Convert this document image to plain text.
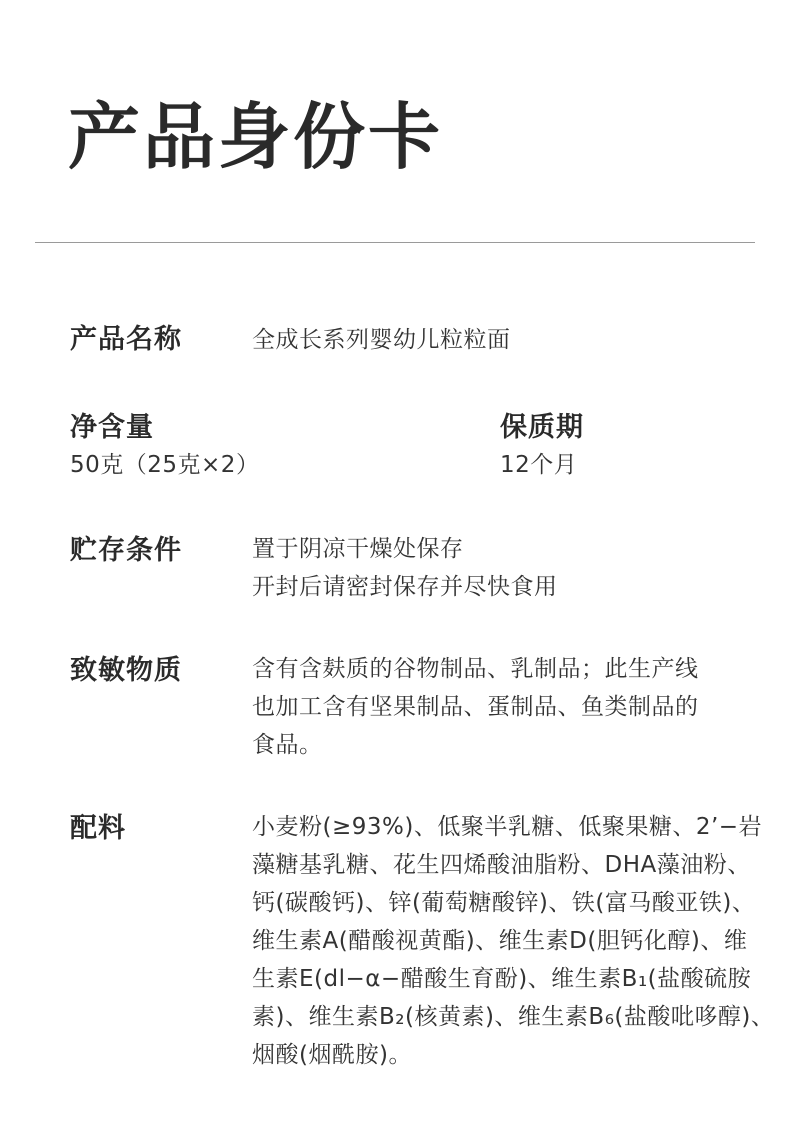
产品身份卡
产品名称	全成长系列婴幼儿粒粒面
净含量
50克（25克×2）
保质期
12个月
贮存条件	置于阴凉干燥处保存
开封后请密封保存并尽快食用
致敏物质	含有含麸质的谷物制品、乳制品；此生产线
也加工含有坚果制品、蛋制品、鱼类制品的
食品。
配料	小麦粉(≥93%)、低聚半乳糖、低聚果糖、2’−岩
藻糖基乳糖、花生四烯酸油脂粉、DHA藻油粉、
钙(碳酸钙)、锌(葡萄糖酸锌)、铁(富马酸亚铁)、
维生素A(醋酸视黄酯)、维生素D(胆钙化醇)、维
生素E(dl−α−醋酸生育酚)、维生素B₁(盐酸硫胺
素)、维生素B₂(核黄素)、维生素B₆(盐酸吡哆醇)、
烟酸(烟酰胺)。
